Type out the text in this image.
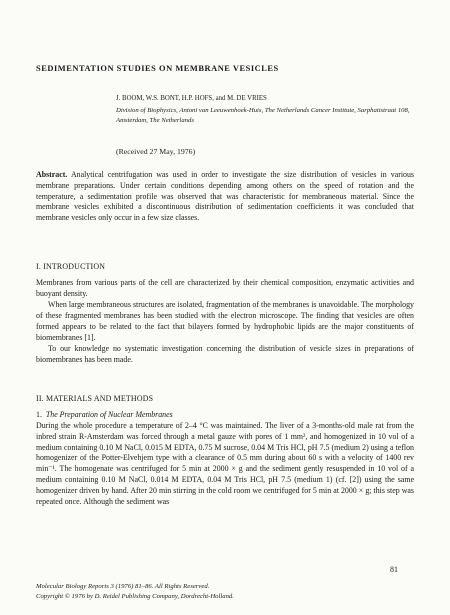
SEDIMENTATION STUDIES ON MEMBRANE VESICLES
J. BOOM, W.S. BONT, H.P. HOFS, and M. DE VRIES
Division of Biophysics, Antoni van Leeuwenhoek-Huis, The Netherlands Cancer Institute, Sarphatistraat 108, Amsterdam, The Netherlands
(Received 27 May, 1976)
Abstract. Analytical centrifugation was used in order to investigate the size distribution of vesicles in various membrane preparations. Under certain conditions depending among others on the speed of rotation and the temperature, a sedimentation profile was observed that was characteristic for membraneous material. Since the membrane vesicles exhibited a discontinuous distribution of sedimentation coefficients it was concluded that membrane vesicles only occur in a few size classes.
I. INTRODUCTION

Membranes from various parts of the cell are characterized by their chemical composition, enzymatic activities and buoyant density.

When large membraneous structures are isolated, fragmentation of the membranes is unavoidable. The morphology of these fragmented membranes has been studied with the electron microscope. The finding that vesicles are often formed appears to be related to the fact that bilayers formed by hydrophobic lipids are the major constituents of biomembranes [1].

To our knowledge no systematic investigation concerning the distribution of vesicle sizes in preparations of biomembranes has been made.

II. MATERIALS AND METHODS
1. The Preparation of Nuclear Membranes

During the whole procedure a temperature of 2–4 °C was maintained. The liver of a 3-months-old male rat from the inbred strain R-Amsterdam was forced through a metal gauze with pores of 1 mm², and homogenized in 10 vol of a medium containing 0.10 M NaCl, 0.015 M EDTA, 0.75 M sucrose, 0.04 M Tris HCl, pH 7.5 (medium 2) using a teflon homogenizer of the Potter-Elvehjem type with a clearance of 0.5 mm during about 60 s with a velocity of 1400 rev min⁻¹. The homogenate was centrifuged for 5 min at 2000 × g and the sediment gently resuspended in 10 vol of a medium containing 0.10 M NaCl, 0.014 M EDTA, 0.04 M Tris HCl, pH 7.5 (medium 1) (cf. [2]) using the same homogenizer driven by hand. After 20 min stirring in the cold room we centrifuged for 5 min at 2000 × g; this step was repeated once. Although the sediment was

81
Molecular Biology Reports 3 (1976) 81–86. All Rights Reserved.
Copyright © 1976 by D. Reidel Publishing Company, Dordrecht-Holland.
